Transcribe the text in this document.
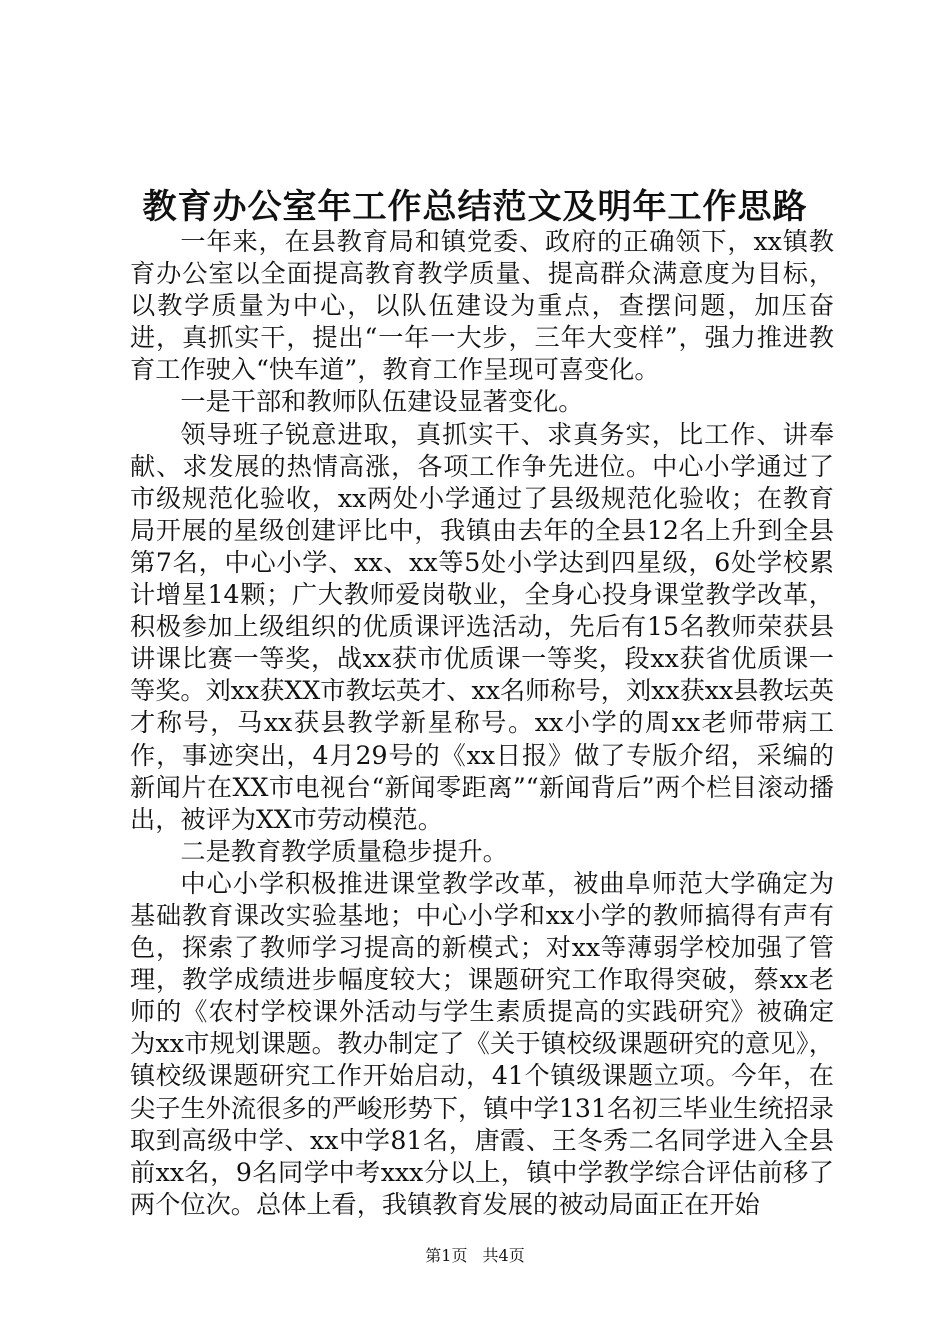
教育办公室年工作总结范文及明年工作思路

一年来，在县教育局和镇党委、政府的正确领下，xx镇教育办公室以全面提高教育教学质量、提高群众满意度为目标，以教学质量为中心，以队伍建设为重点，查摆问题，加压奋进，真抓实干，提出“一年一大步，三年大变样”，强力推进教育工作驶入“快车道”，教育工作呈现可喜变化。

一是干部和教师队伍建设显著变化。

领导班子锐意进取，真抓实干、求真务实，比工作、讲奉献、求发展的热情高涨，各项工作争先进位。中心小学通过了市级规范化验收，xx两处小学通过了县级规范化验收；在教育局开展的星级创建评比中，我镇由去年的全县12名上升到全县第7名，中心小学、xx、xx等5处小学达到四星级，6处学校累计增星14颗；广大教师爱岗敬业，全身心投身课堂教学改革，积极参加上级组织的优质课评选活动，先后有15名教师荣获县讲课比赛一等奖，战xx获市优质课一等奖，段xx获省优质课一等奖。刘xx获XX市教坛英才、xx名师称号，刘xx获xx县教坛英才称号，马xx获县教学新星称号。xx小学的周xx老师带病工作，事迹突出，4月29号的《xx日报》做了专版介绍，采编的新闻片在XX市电视台“新闻零距离”“新闻背后”两个栏目滚动播出，被评为XX市劳动模范。

二是教育教学质量稳步提升。

中心小学积极推进课堂教学改革，被曲阜师范大学确定为基础教育课改实验基地；中心小学和xx小学的教师搞得有声有色，探索了教师学习提高的新模式；对xx等薄弱学校加强了管理，教学成绩进步幅度较大；课题研究工作取得突破，蔡xx老师的《农村学校课外活动与学生素质提高的实践研究》被确定为xx市规划课题。教办制定了《关于镇校级课题研究的意见》，镇校级课题研究工作开始启动，41个镇级课题立项。今年，在尖子生外流很多的严峻形势下，镇中学131名初三毕业生统招录取到高级中学、xx中学81名，唐霞、王冬秀二名同学进入全县前xx名，9名同学中考xxx分以上，镇中学教学综合评估前移了两个位次。总体上看，我镇教育发展的被动局面正在开始

第1页 共4页
